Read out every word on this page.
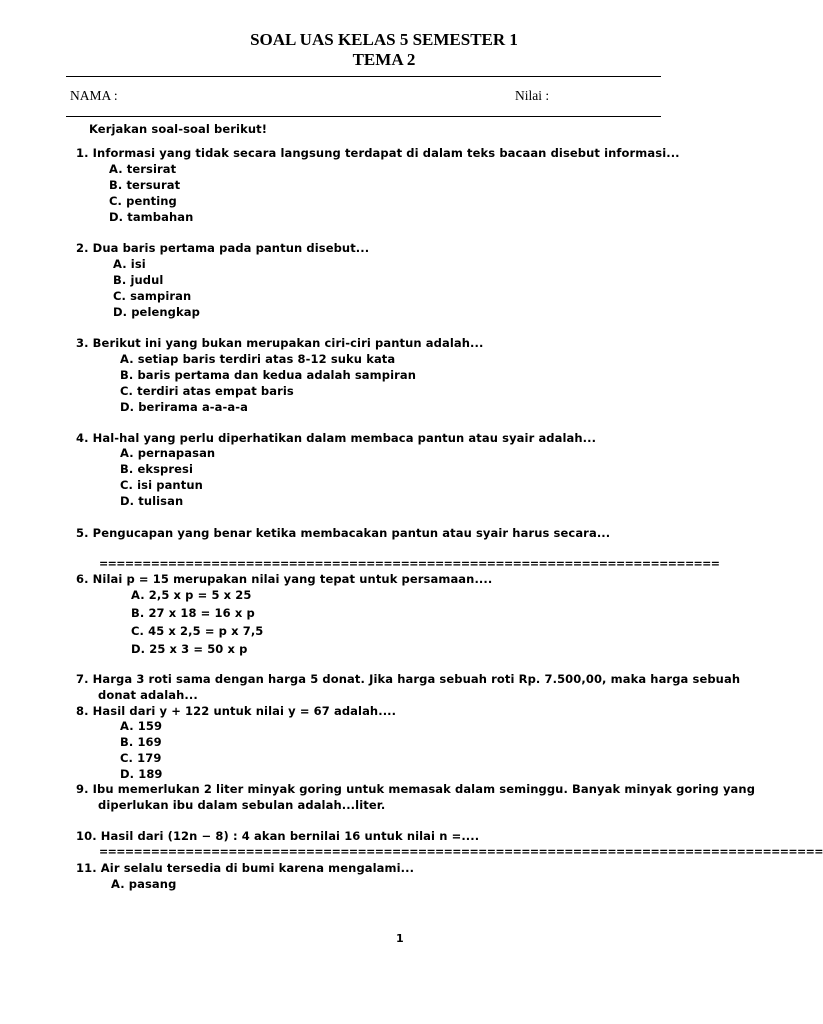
SOAL UAS KELAS 5 SEMESTER 1
TEMA 2
NAMA :	Nilai :
Kerjakan soal-soal berikut!
1. Informasi yang tidak secara langsung terdapat di dalam teks bacaan disebut informasi...
A. tersirat
B. tersurat
C. penting
D. tambahan
2. Dua baris pertama pada pantun disebut...
A. isi
B. judul
C. sampiran
D. pelengkap
3. Berikut ini yang bukan merupakan ciri-ciri pantun adalah...
A. setiap baris terdiri atas 8-12 suku kata
B. baris pertama dan kedua adalah sampiran
C. terdiri atas empat baris
D. berirama a-a-a-a
4. Hal-hal yang perlu diperhatikan dalam membaca pantun atau syair adalah...
A. pernapasan
B. ekspresi
C. isi pantun
D. tulisan
5. Pengucapan yang benar ketika membacakan pantun atau syair harus secara...
========================================================================
6. Nilai p = 15 merupakan nilai yang tepat untuk persamaan....
A. 2,5 x p = 5 x 25
B. 27 x 18 = 16 x p
C. 45 x 2,5 = p x 7,5
D. 25 x 3 = 50 x p
7. Harga 3 roti sama dengan harga 5 donat. Jika harga sebuah roti Rp. 7.500,00, maka harga sebuah
donat adalah...
8. Hasil dari y + 122 untuk nilai y = 67 adalah....
A. 159
B. 169
C. 179
D. 189
9. Ibu memerlukan 2 liter minyak goring untuk memasak dalam seminggu. Banyak minyak goring yang
diperlukan ibu dalam sebulan adalah...liter.
10. Hasil dari (12n − 8) : 4 akan bernilai 16 untuk nilai n =....
====================================================================================
11. Air selalu tersedia di bumi karena mengalami...
A. pasang
1
